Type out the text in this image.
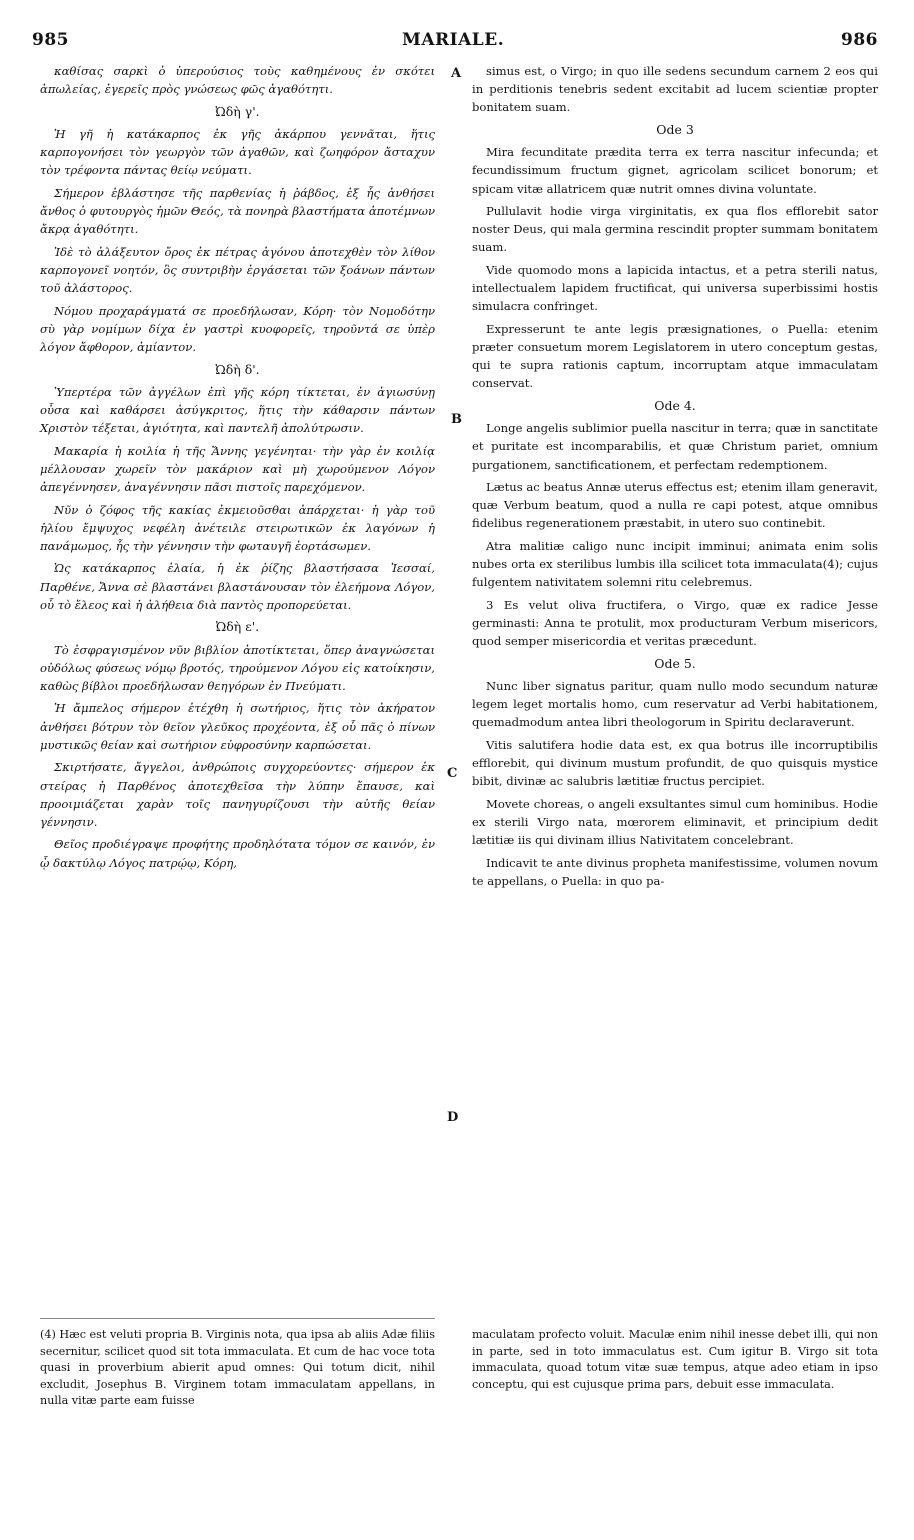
985	MARIALE.	986

καθίσας σαρκὶ ὁ ὑπερούσιος τοὺς καθημένους ἐν σκότει ἀπωλείας, ἐγερεῖς πρὸς γνώσεως φῶς ἀγαθότητι.

Ὠδὴ γ'.

Ἡ γῆ ἡ κατάκαρπος ἐκ γῆς ἀκάρπου γεννᾶται, ἥτις καρπογονήσει τὸν γεωργὸν τῶν ἀγαθῶν, καὶ ζωηφόρον ἄσταχυν τὸν τρέφοντα πάντας θείῳ νεύματι.

Σήμερον ἐβλάστησε τῆς παρθενίας ἡ ῥάβδος, ἐξ ἧς ἀνθήσει ἄνθος ὁ φυτουργὸς ἡμῶν Θεός, τὰ πονηρὰ βλαστήματα ἀποτέμνων ἄκρᾳ ἀγαθότητι.

Ἰδὲ τὸ ἀλάξευτον ὄρος ἐκ πέτρας ἀγόνου ἀποτεχθὲν τὸν λίθον καρπογονεῖ νοητόν, ὃς συντριβὴν ἐργάσεται τῶν ξοάνων πάντων τοῦ ἀλάστορος.

Νόμου προχαράγματά σε προεδήλωσαν, Κόρη· τὸν Νομοδότην σὺ γὰρ νομίμων δίχα ἐν γαστρὶ κυοφορεῖς, τηροῦντά σε ὑπὲρ λόγον ἄφθορον, ἀμίαντον.

Ὠδὴ δ'.

Ὑπερτέρα τῶν ἀγγέλων ἐπὶ γῆς κόρη τίκτεται, ἐν ἁγιωσύνῃ οὖσα καὶ καθάρσει ἀσύγκριτος, ἥτις τὴν κάθαρσιν πάντων Χριστὸν τέξεται, ἁγιότητα, καὶ παντελῆ ἀπολύτρωσιν.

Μακαρία ἡ κοιλία ἡ τῆς Ἄννης γεγένηται· τὴν γὰρ ἐν κοιλίᾳ μέλλουσαν χωρεῖν τὸν μακάριον καὶ μὴ χωρούμενον Λόγον ἀπεγέννησεν, ἀναγέννησιν πᾶσι πιστοῖς παρεχόμενον.

Νῦν ὁ ζόφος τῆς κακίας ἐκμειοῦσθαι ἀπάρχεται· ἡ γὰρ τοῦ ἡλίου ἔμψυχος νεφέλη ἀνέτειλε στειρωτικῶν ἐκ λαγόνων ἡ πανάμωμος, ἧς τὴν γέννησιν τὴν φωταυγῆ ἑορτάσωμεν.

Ὡς κατάκαρπος ἐλαία, ἡ ἐκ ῥίζης βλαστήσασα Ἰεσσαί, Παρθένε, Ἄννα σὲ βλαστάνει βλαστάνουσαν τὸν ἐλεήμονα Λόγον, οὗ τὸ ἔλεος καὶ ἡ ἀλήθεια διὰ παντὸς προπορεύεται.

Ὠδὴ ε'.

Τὸ ἐσφραγισμένον νῦν βιβλίον ἀποτίκτεται, ὅπερ ἀναγνώσεται οὐδόλως φύσεως νόμῳ βροτός, τηρούμενον Λόγου εἰς κατοίκησιν, καθὼς βίβλοι προεδήλωσαν θεηγόρων ἐν Πνεύματι.

Ἡ ἄμπελος σήμερον ἐτέχθη ἡ σωτήριος, ἥτις τὸν ἀκήρατον ἀνθήσει βότρυν τὸν θεῖον γλεῦκος προχέοντα, ἐξ οὗ πᾶς ὁ πίνων μυστικῶς θείαν καὶ σωτήριον εὐφροσύνην καρπώσεται.

Σκιρτήσατε, ἄγγελοι, ἀνθρώποις συγχορεύοντες· σήμερον ἐκ στείρας ἡ Παρθένος ἀποτεχθεῖσα τὴν λύπην ἔπαυσε, καὶ προοιμιάζεται χαρὰν τοῖς πανηγυρίζουσι τὴν αὐτῆς θείαν γέννησιν.

Θεῖος προδιέγραψε προφήτης προδηλότατα τόμον σε καινόν, ἐν ᾧ δακτύλῳ Λόγος πατρῴῳ, Κόρη,

simus est, o Virgo; in quo ille sedens secundum carnem 2 eos qui in perditionis tenebris sedent excitabit ad lucem scientiæ propter bonitatem suam.

Ode 3

Mira fecunditate prædita terra ex terra nascitur infecunda; et fecundissimum fructum gignet, agricolam scilicet bonorum; et spicam vitæ allatricem quæ nutrit omnes divina voluntate.

Pullulavit hodie virga virginitatis, ex qua flos efflorebit sator noster Deus, qui mala germina rescindit propter summam bonitatem suam.

Vide quomodo mons a lapicida intactus, et a petra sterili natus, intellectualem lapidem fructificat, qui universa superbissimi hostis simulacra confringet.

Expresserunt te ante legis præsignationes, o Puella: etenim præter consuetum morem Legislatorem in utero conceptum gestas, qui te supra rationis captum, incorruptam atque immaculatam conservat.

Ode 4.

Longe angelis sublimior puella nascitur in terra; quæ in sanctitate et puritate est incomparabilis, et quæ Christum pariet, omnium purgationem, sanctificationem, et perfectam redemptionem.

Lætus ac beatus Annæ uterus effectus est; etenim illam generavit, quæ Verbum beatum, quod a nulla re capi potest, atque omnibus fidelibus regenerationem præstabit, in utero suo continebit.

Atra malitiæ caligo nunc incipit imminui; animata enim solis nubes orta ex sterilibus lumbis illa scilicet tota immaculata(4); cujus fulgentem nativitatem solemni ritu celebremus.

3 Es velut oliva fructifera, o Virgo, quæ ex radice Jesse germinasti: Anna te protulit, mox producturam Verbum misericors, quod semper misericordia et veritas præcedunt.

Ode 5.

Nunc liber signatus paritur, quam nullo modo secundum naturæ legem leget mortalis homo, cum reservatur ad Verbi habitationem, quemadmodum antea libri theologorum in Spiritu declaraverunt.

Vitis salutifera hodie data est, ex qua botrus ille incorruptibilis efflorebit, qui divinum mustum profundit, de quo quisquis mystice bibit, divinæ ac salubris lætitiæ fructus percipiet.

Movete choreas, o angeli exsultantes simul cum hominibus. Hodie ex sterili Virgo nata, mœrorem eliminavit, et principium dedit lætitiæ iis qui divinam illius Nativitatem concelebrant.

Indicavit te ante divinus propheta manifestissime, volumen novum te appellans, o Puella: in quo pa-

A
B
C
D

(4) Hæc est veluti propria B. Virginis nota, qua ipsa ab aliis Adæ filiis secernitur, scilicet quod sit tota immaculata. Et cum de hac voce tota quasi in proverbium abierit apud omnes: Qui totum dicit, nihil excludit, Josephus B. Virginem totam immaculatam appellans, in nulla vitæ parte eam fuisse

maculatam profecto voluit. Maculæ enim nihil inesse debet illi, qui non in parte, sed in toto immaculatus est. Cum igitur B. Virgo sit tota immaculata, quoad totum vitæ suæ tempus, atque adeo etiam in ipso conceptu, qui est cujusque prima pars, debuit esse immaculata.
